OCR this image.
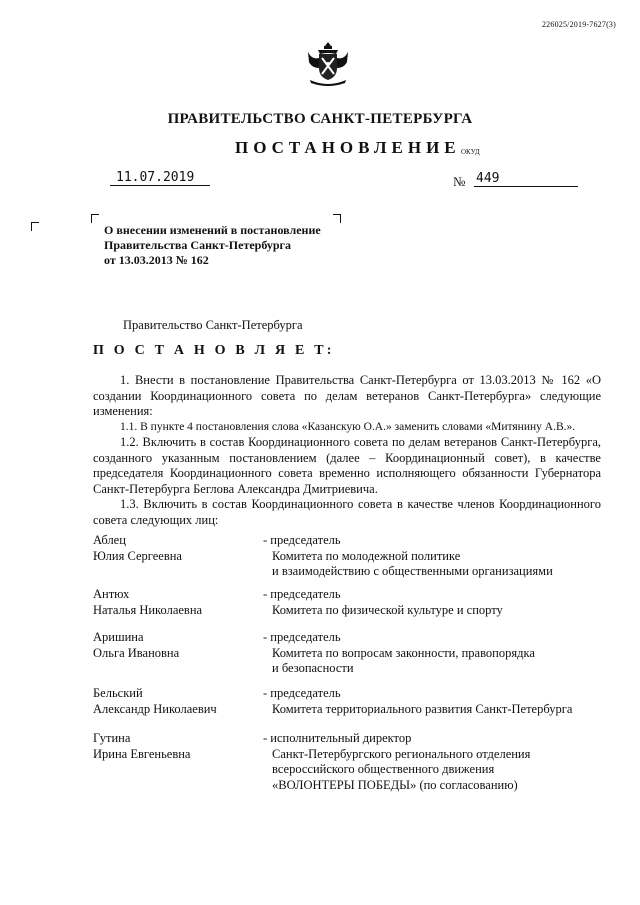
226025/2019-7627(3)
ПРАВИТЕЛЬСТВО САНКТ-ПЕТЕРБУРГА
ПОСТАНОВЛЕНИЕ ОКУД
11.07.2019	№ 449
О внесении изменений в постановление
Правительства Санкт-Петербурга
от 13.03.2013 № 162
Правительство Санкт-Петербурга
П О С Т А Н О В Л Я Е Т:

1. Внести в постановление Правительства Санкт-Петербурга от 13.03.2013 № 162 «О создании Координационного совета по делам ветеранов Санкт-Петербурга» следующие изменения:

1.1. В пункте 4 постановления слова «Казанскую О.А.» заменить словами «Митянину А.В.».

1.2. Включить в состав Координационного совета по делам ветеранов Санкт-Петербурга, созданного указанным постановлением (далее – Координационный совет), в качестве председателя Координационного совета временно исполняющего обязанности Губернатора Санкт-Петербурга Беглова Александра Дмитриевича.

1.3. Включить в состав Координационного совета в качестве членов Координационного совета следующих лиц:

Аблец
Юлия Сергеевна
- председатель
Комитета по молодежной политике
и взаимодействию с общественными организациями
Антюх
Наталья Николаевна
- председатель
Комитета по физической культуре и спорту
Аришина
Ольга Ивановна
- председатель
Комитета по вопросам законности, правопорядка
и безопасности
Бельский
Александр Николаевич
- председатель
Комитета территориального развития Санкт-Петербурга
Гутина
Ирина Евгеньевна
- исполнительный директор
Санкт-Петербургского регионального отделения
всероссийского общественного движения
«ВОЛОНТЕРЫ ПОБЕДЫ» (по согласованию)
